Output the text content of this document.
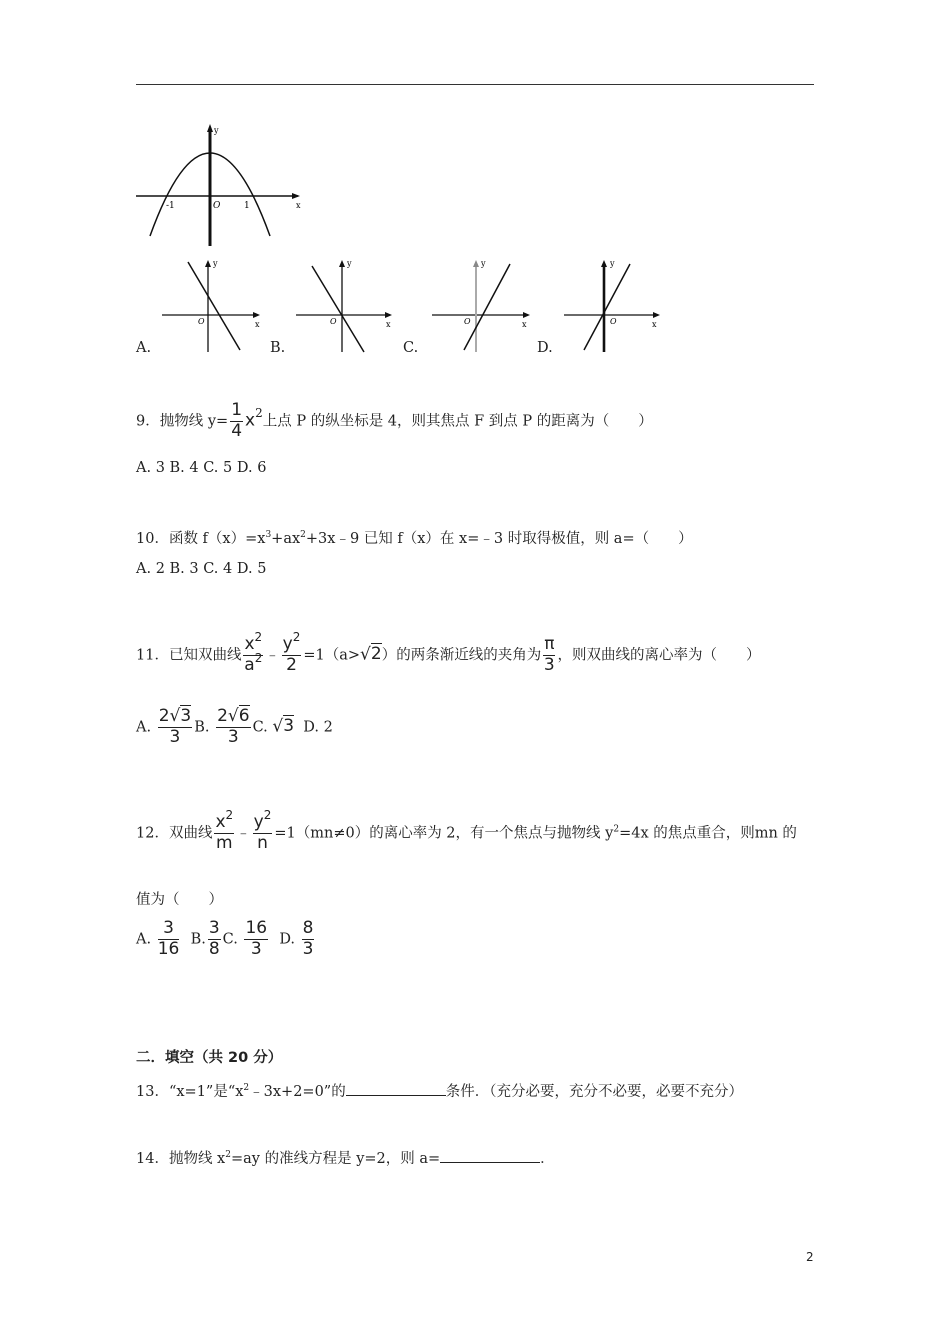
y
x
O
-1	1
A.
y
x
O
B.
y
x
O
C.
y
x
O
D.
y
x
O
9．抛物线 $y= \frac{1}{4} x^2$上点 P 的纵坐标是 4，则其焦点 F 到点 P 的距离为（　　）
A. 3 B. 4 C. 5 D. 6
10．函数 $f(x)=x^3+ax^2+3x﹣9$ 已知 f（x）在 x=﹣3 时取得极值，则 a=（　　）
A. 2 B. 3 C. 4 D. 5
11．已知双曲线 $\frac{x^2}{a^2}$ ﹣ $\frac{y^2}{2} =1(a>√2)$的两条渐近线的夹角为 $\frac{\pi}{3}$ ，则双曲线的离心率为（　　）
A. $\frac{2√3}{3} B$. $\frac{2√6}{3} C$. √3 D. 2
12．双曲线 $\frac{x^2}{m}$ ﹣ $\frac{y^2}{n} =1(mn\ne 0)$的离心率为 2，有一个焦点与抛物线 $y^2=4x$ 的焦点重合，则mn 的
值为（　　）
A. $\frac{3}{16} B$. $\frac{3}{8} C$. $\frac{16}{3} D$. $\frac{8}{3}$
二．填空（共 20 分）
13．“x=1”是“$x^2﹣3x+2=0$”的	条件．（充分必要，充分不必要，必要不充分）
14．抛物线 $x^2=ay$ 的准线方程是 y=2，则 a=	．
2
